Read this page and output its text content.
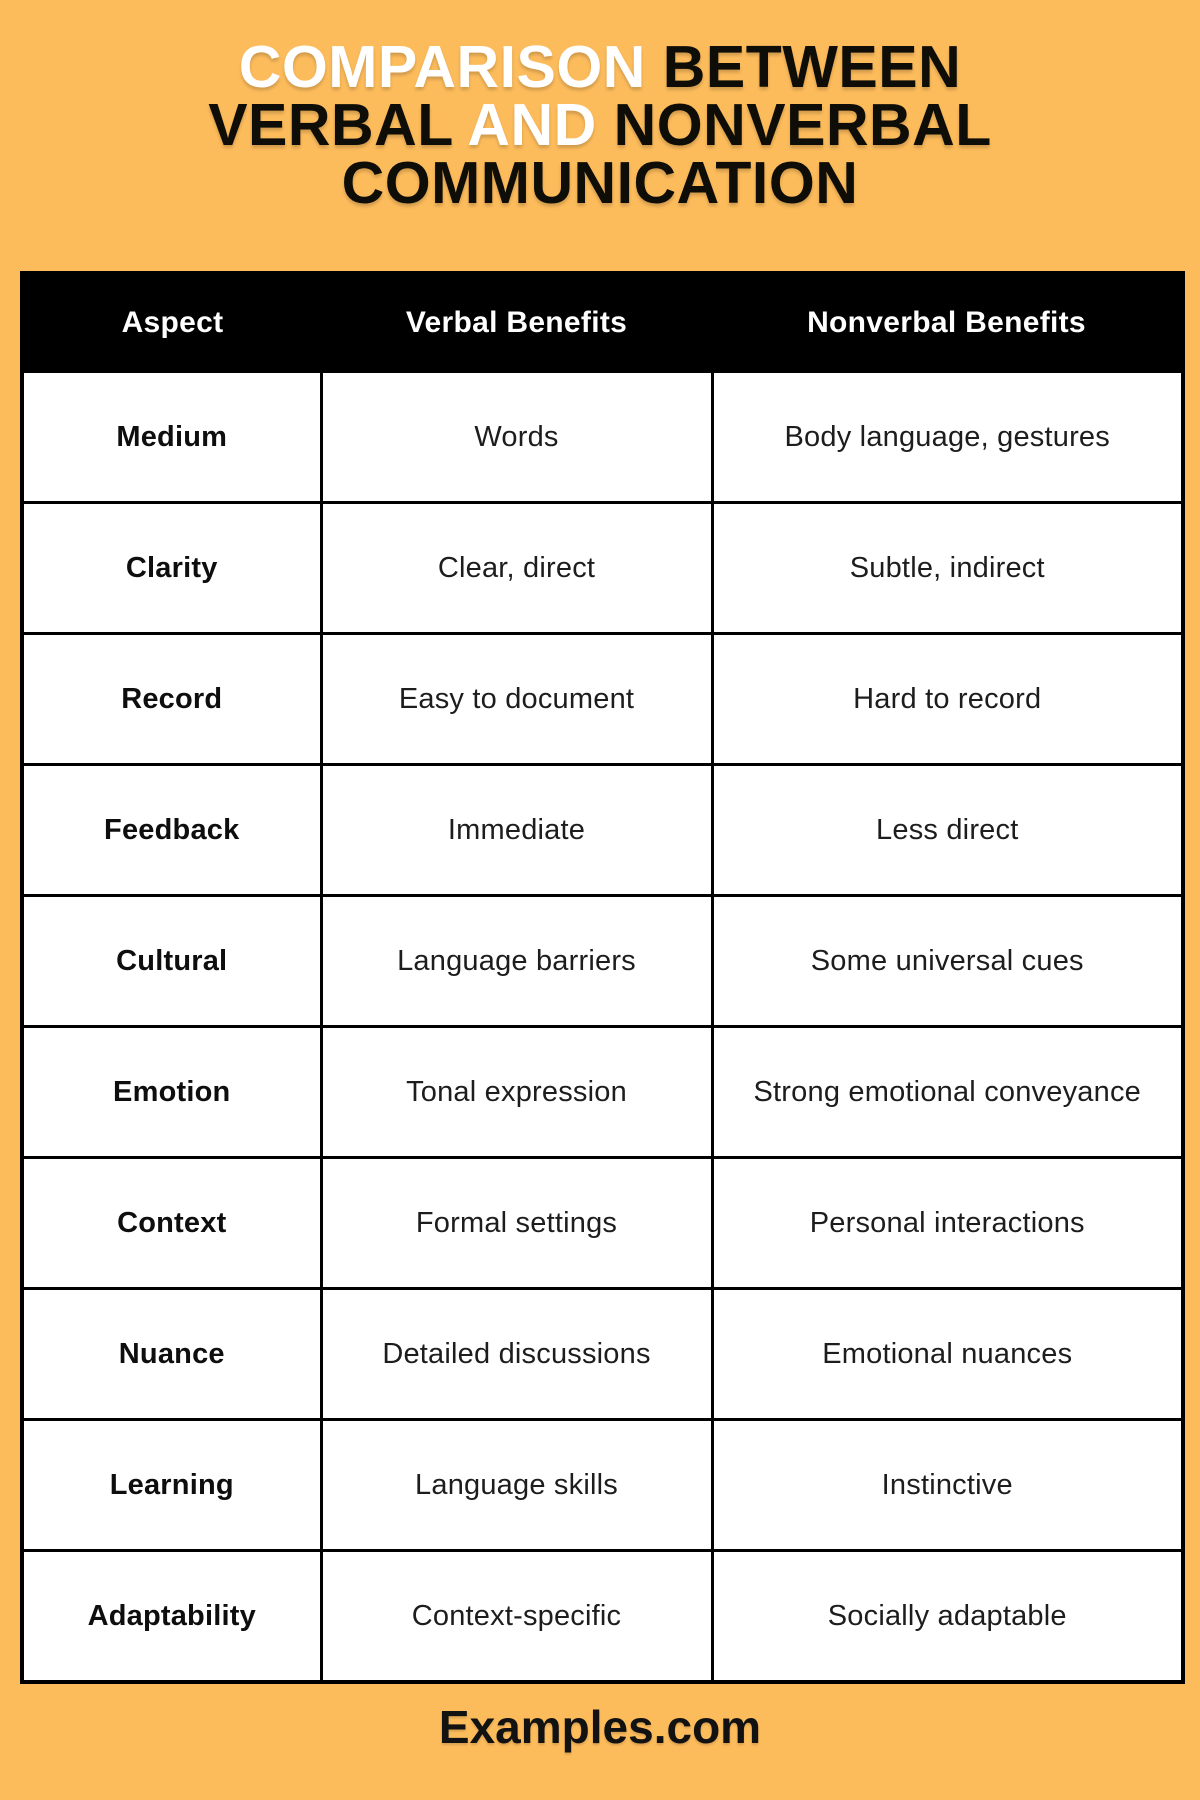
COMPARISON BETWEEN
VERBAL AND NONVERBAL
COMMUNICATION
Aspect	Verbal Benefits	Nonverbal Benefits
Medium	Words	Body language, gestures
Clarity	Clear, direct	Subtle, indirect
Record	Easy to document	Hard to record
Feedback	Immediate	Less direct
Cultural	Language barriers	Some universal cues
Emotion	Tonal expression	Strong emotional conveyance
Context	Formal settings	Personal interactions
Nuance	Detailed discussions	Emotional nuances
Learning	Language skills	Instinctive
Adaptability	Context-specific	Socially adaptable
Examples.com
